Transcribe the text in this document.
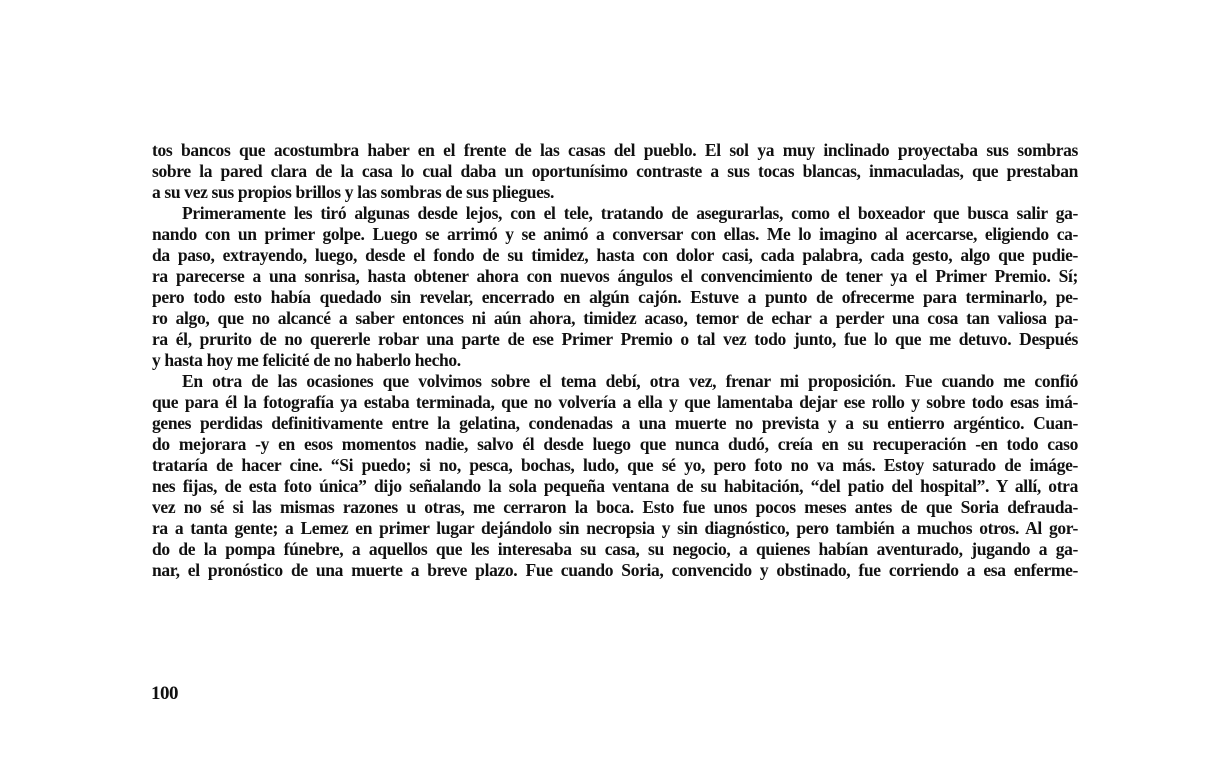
tos bancos que acostumbra haber en el frente de las casas del pueblo. El sol ya muy inclinado proyectaba sus sombras
sobre la pared clara de la casa lo cual daba un oportunísimo contraste a sus tocas blancas, inmaculadas, que prestaban
a su vez sus propios brillos y las sombras de sus pliegues.
Primeramente les tiró algunas desde lejos, con el tele, tratando de asegurarlas, como el boxeador que busca salir ga-
nando con un primer golpe. Luego se arrimó y se animó a conversar con ellas. Me lo imagino al acercarse, eligiendo ca-
da paso, extrayendo, luego, desde el fondo de su timidez, hasta con dolor casi, cada palabra, cada gesto, algo que pudie-
ra parecerse a una sonrisa, hasta obtener ahora con nuevos ángulos el convencimiento de tener ya el Primer Premio. Sí;
pero todo esto había quedado sin revelar, encerrado en algún cajón. Estuve a punto de ofrecerme para terminarlo, pe-
ro algo, que no alcancé a saber entonces ni aún ahora, timidez acaso, temor de echar a perder una cosa tan valiosa pa-
ra él, prurito de no quererle robar una parte de ese Primer Premio o tal vez todo junto, fue lo que me detuvo. Después
y hasta hoy me felicité de no haberlo hecho.
En otra de las ocasiones que volvimos sobre el tema debí, otra vez, frenar mi proposición. Fue cuando me confió
que para él la fotografía ya estaba terminada, que no volvería a ella y que lamentaba dejar ese rollo y sobre todo esas imá-
genes perdidas definitivamente entre la gelatina, condenadas a una muerte no prevista y a su entierro argéntico. Cuan-
do mejorara -y en esos momentos nadie, salvo él desde luego que nunca dudó, creía en su recuperación -en todo caso
trataría de hacer cine. “Si puedo; si no, pesca, bochas, ludo, que sé yo, pero foto no va más. Estoy saturado de imáge-
nes fijas, de esta foto única” dijo señalando la sola pequeña ventana de su habitación, “del patio del hospital”. Y allí, otra
vez no sé si las mismas razones u otras, me cerraron la boca. Esto fue unos pocos meses antes de que Soria defrauda-
ra a tanta gente; a Lemez en primer lugar dejándolo sin necropsia y sin diagnóstico, pero también a muchos otros. Al gor-
do de la pompa fúnebre, a aquellos que les interesaba su casa, su negocio, a quienes habían aventurado, jugando a ga-
nar, el pronóstico de una muerte a breve plazo. Fue cuando Soria, convencido y obstinado, fue corriendo a esa enferme-
100
